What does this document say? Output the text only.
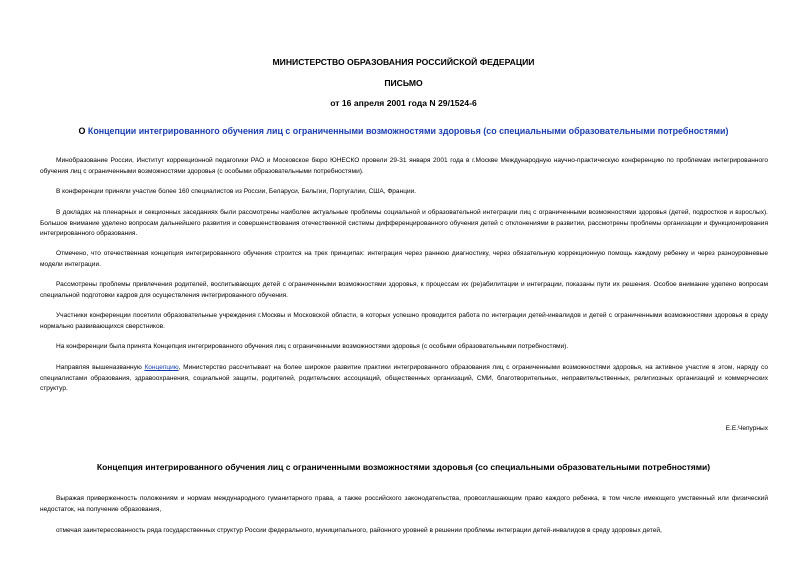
МИНИСТЕРСТВО ОБРАЗОВАНИЯ РОССИЙСКОЙ ФЕДЕРАЦИИ
ПИСЬМО
от 16 апреля 2001 года N 29/1524-6
О Концепции интегрированного обучения лиц с ограниченными возможностями здоровья (со специальными образовательными потребностями)

Минобразование России, Институт коррекционной педагогики РАО и Московское бюро ЮНЕСКО провели 29-31 января 2001 года в г.Москве Международную научно-практическую конференцию по проблемам интегрированного обучения лиц с ограниченными возможностями здоровья (с особыми образовательными потребностями).

В конференции приняли участие более 160 специалистов из России, Беларуси, Бельгии, Португалии, США, Франции.

В докладах на пленарных и секционных заседаниях были рассмотрены наиболее актуальные проблемы социальной и образовательной интеграции лиц с ограниченными возможностями здоровья (детей, подростков и взрослых). Большое внимание уделено вопросам дальнейшего развития и совершенствования отечественной системы дифференцированного обучения детей с отклонениями в развитии, рассмотрены проблемы организации и функционирования интегрированного образования.

Отмечено, что отечественная концепция интегрированного обучения строится на трех принципах: интеграция через раннюю диагностику, через обязательную коррекционную помощь каждому ребенку и через разноуровневые модели интеграции.

Рассмотрены проблемы привлечения родителей, воспитывающих детей с ограниченными возможностями здоровья, к процессам их (ре)абилитации и интеграции, показаны пути их решения. Особое внимание уделено вопросам специальной подготовки кадров для осуществления интегрированного обучения.

Участники конференции посетили образовательные учреждения г.Москвы и Московской области, в которых успешно проводится работа по интеграции детей-инвалидов и детей с ограниченными возможностями здоровья в среду нормально развивающихся сверстников.

На конференции была принята Концепция интегрированного обучения лиц с ограниченными возможностями здоровья (с особыми образовательными потребностями).

Направляя вышеназванную Концепцию, Министерство рассчитывает на более широкое развитие практики интегрированного образования лиц с ограниченными возможностями здоровья, на активное участие в этом, наряду со специалистами образования, здравоохранения, социальной защиты, родителей, родительских ассоциаций, общественных организаций, СМИ, благотворительных, неправительственных, религиозных организаций и коммерческих структур.

Е.Е.Чепурных
Концепция интегрированного обучения лиц с ограниченными возможностями здоровья (со специальными образовательными потребностями)

Выражая приверженность положениям и нормам международного гуманитарного права, а также российского законодательства, провозглашающим право каждого ребенка, в том числе имеющего умственный или физический недостаток, на получение образования,

отмечая заинтересованность ряда государственных структур России федерального, муниципального, районного уровней в решении проблемы интеграции детей-инвалидов в среду здоровых детей,
